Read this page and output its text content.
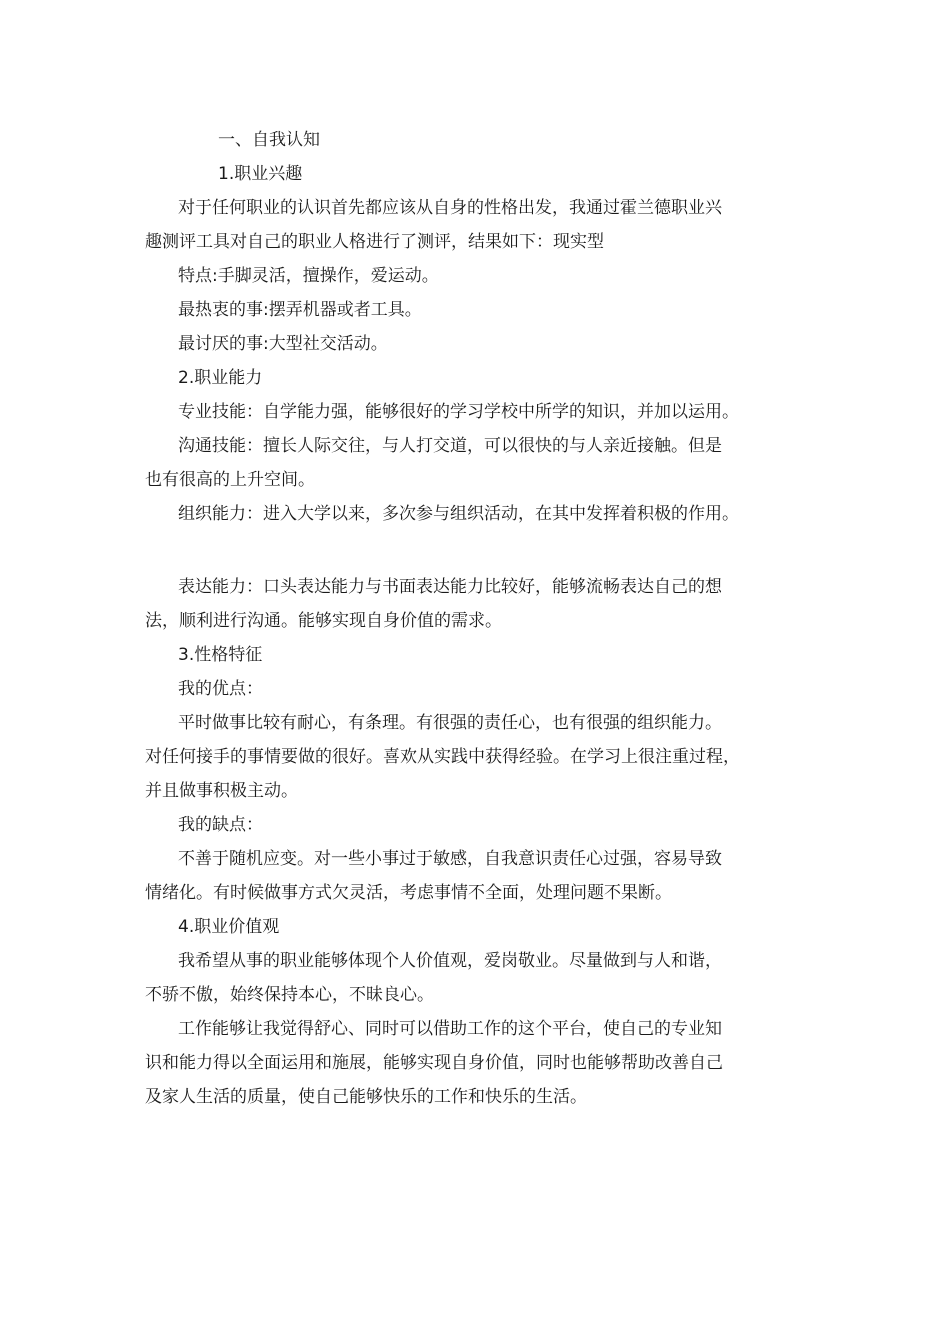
一、自我认知

1.职业兴趣

对于任何职业的认识首先都应该从自身的性格出发，我通过霍兰德职业兴

趣测评工具对自己的职业人格进行了测评，结果如下：现实型

特点:手脚灵活，擅操作，爱运动。

最热衷的事:摆弄机器或者工具。

最讨厌的事:大型社交活动。

2.职业能力

专业技能：自学能力强，能够很好的学习学校中所学的知识，并加以运用。

沟通技能：擅长人际交往，与人打交道，可以很快的与人亲近接触。但是

也有很高的上升空间。

组织能力：进入大学以来，多次参与组织活动，在其中发挥着积极的作用。

表达能力：口头表达能力与书面表达能力比较好，能够流畅表达自己的想

法，顺利进行沟通。能够实现自身价值的需求。

3.性格特征

我的优点：

平时做事比较有耐心，有条理。有很强的责任心，也有很强的组织能力。

对任何接手的事情要做的很好。喜欢从实践中获得经验。在学习上很注重过程，

并且做事积极主动。

我的缺点：

不善于随机应变。对一些小事过于敏感，自我意识责任心过强，容易导致

情绪化。有时候做事方式欠灵活，考虑事情不全面，处理问题不果断。

4.职业价值观

我希望从事的职业能够体现个人价值观，爱岗敬业。尽量做到与人和谐，

不骄不傲，始终保持本心，不昧良心。

工作能够让我觉得舒心、同时可以借助工作的这个平台，使自己的专业知

识和能力得以全面运用和施展，能够实现自身价值，同时也能够帮助改善自己

及家人生活的质量，使自己能够快乐的工作和快乐的生活。
